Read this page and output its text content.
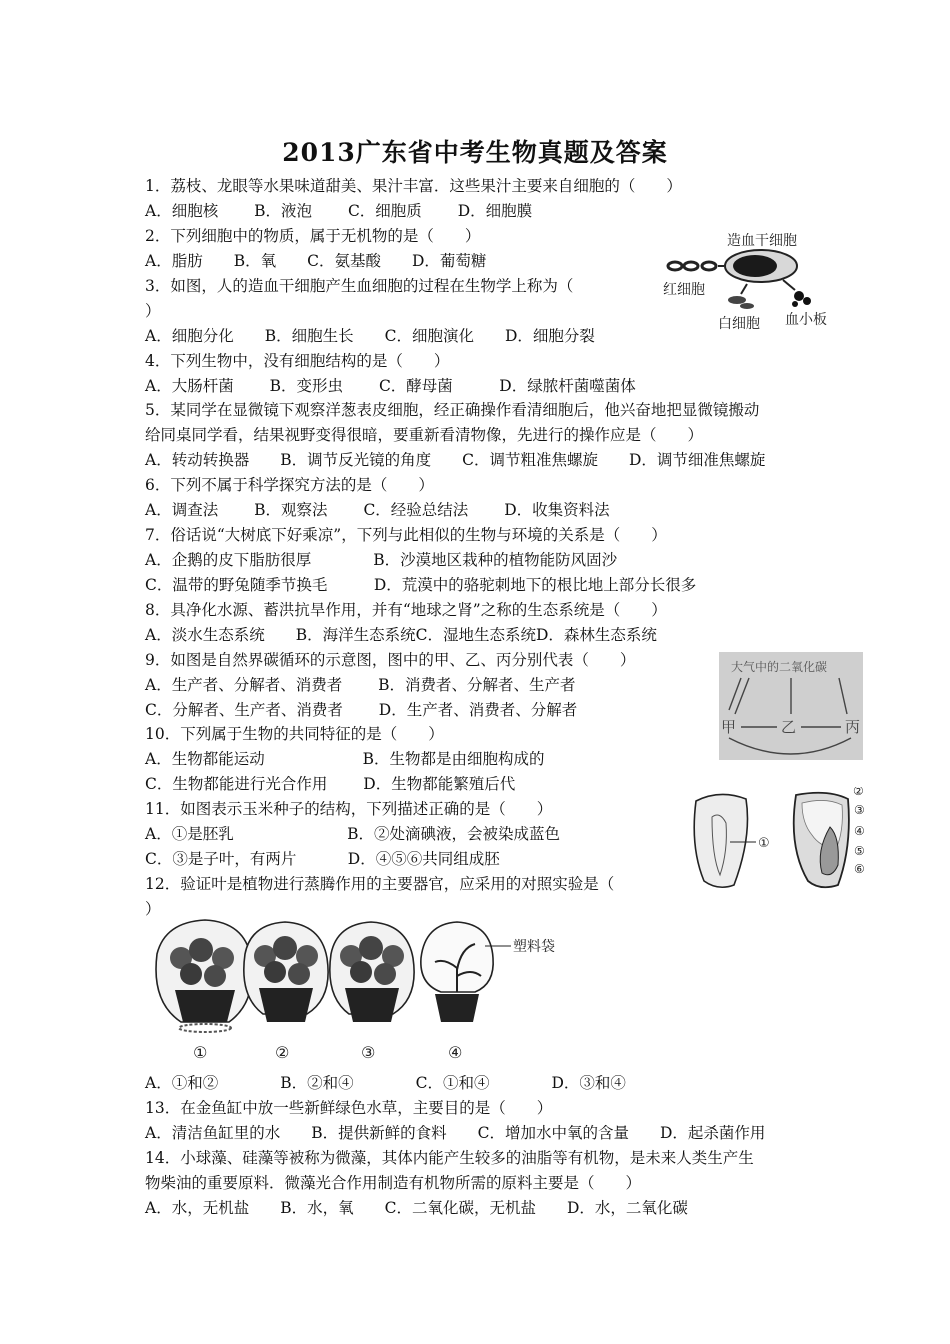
2013广东省中考生物真题及答案
1．荔枝、龙眼等水果味道甜美、果汁丰富．这些果汁主要来自细胞的（　　）
A．细胞核　　 B．液泡　　 C．细胞质　　 D．细胞膜
2．下列细胞中的物质，属于无机物的是（　　）
A．脂肪　　B．氧　　C．氨基酸　　D．葡萄糖
3．如图，人的造血干细胞产生血细胞的过程在生物学上称为（
）
A．细胞分化　　B．细胞生长　　C．细胞演化　　D．细胞分裂
4．下列生物中，没有细胞结构的是（　　）
A．大肠杆菌　　 B．变形虫　　 C．酵母菌　　　D．绿脓杆菌噬菌体
5．某同学在显微镜下观察洋葱表皮细胞，经正确操作看清细胞后，他兴奋地把显微镜搬动
给同桌同学看，结果视野变得很暗，要重新看清物像，先进行的操作应是（　　）
A．转动转换器　　B．调节反光镜的角度　　C．调节粗准焦螺旋　　D．调节细准焦螺旋
6．下列不属于科学探究方法的是（　　）
A．调查法　　 B．观察法　　 C．经验总结法　　 D．收集资料法
7．俗话说“大树底下好乘凉”，下列与此相似的生物与环境的关系是（　　）
A．企鹅的皮下脂肪很厚　　　　B．沙漠地区栽种的植物能防风固沙
C．温带的野兔随季节换毛　　　D．荒漠中的骆驼刺地下的根比地上部分长很多
8．具净化水源、蓄洪抗旱作用，并有“地球之肾”之称的生态系统是（　　）
A．淡水生态系统　　B．海洋生态系统C．湿地生态系统D．森林生态系统
9．如图是自然界碳循环的示意图，图中的甲、乙、丙分别代表（　　）
A．生产者、分解者、消费者　　 B．消费者、分解者、生产者
C．分解者、生产者、消费者　　 D．生产者、消费者、分解者
10．下列属于生物的共同特征的是（　　）
A．生物都能运动　　　　　　 B．生物都是由细胞构成的
C．生物都能进行光合作用　　 D．生物都能繁殖后代
11．如图表示玉米种子的结构，下列描述正确的是（　　）
A．①是胚乳　　　　　　　 B．②处滴碘液，会被染成蓝色
C．③是子叶，有两片　　　 D．④⑤⑥共同组成胚
12．验证叶是植物进行蒸腾作用的主要器官，应采用的对照实验是（
）
A．①和②　　　　B．②和④　　　　C．①和④　　　　D．③和④
13．在金鱼缸中放一些新鲜绿色水草，主要目的是（　　）
A．清洁鱼缸里的水　　B．提供新鲜的食料　　C．增加水中氧的含量　　D．起杀菌作用
14．小球藻、硅藻等被称为微藻，其体内能产生较多的油脂等有机物，是未来人类生产生
物柴油的重要原料．微藻光合作用制造有机物所需的原料主要是（　　）
A．水，无机盐　　B．水，氧　　C．二氧化碳，无机盐　　D．水，二氧化碳
造血干细胞
红细胞
白细胞 血小板
大气中的二氧化碳
甲	乙	丙
①
②
③
④
⑤
⑥
①	②	③
塑料袋
④
